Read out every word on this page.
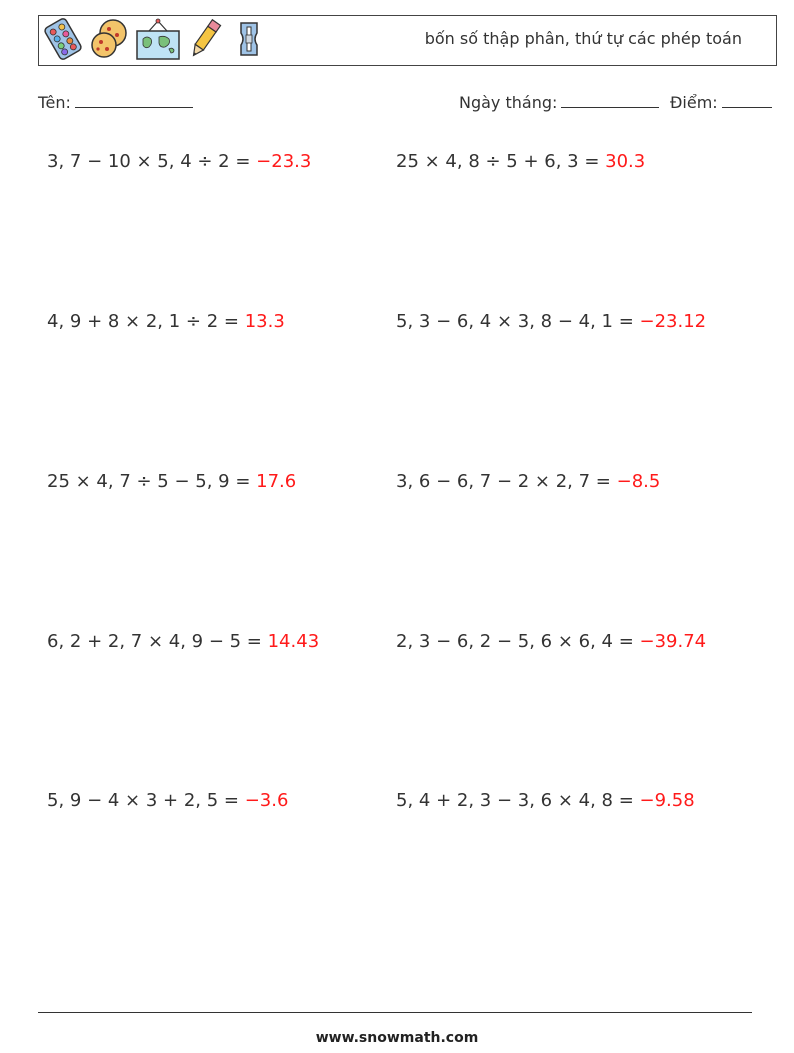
bốn số thập phân, thứ tự các phép toán
Tên:	Ngày tháng:	Điểm:
3, 7 − 10 × 5, 4 ÷ 2 = −23.3	25 × 4, 8 ÷ 5 + 6, 3 = 30.3
4, 9 + 8 × 2, 1 ÷ 2 = 13.3	5, 3 − 6, 4 × 3, 8 − 4, 1 = −23.12
25 × 4, 7 ÷ 5 − 5, 9 = 17.6	3, 6 − 6, 7 − 2 × 2, 7 = −8.5
6, 2 + 2, 7 × 4, 9 − 5 = 14.43	2, 3 − 6, 2 − 5, 6 × 6, 4 = −39.74
5, 9 − 4 × 3 + 2, 5 = −3.6	5, 4 + 2, 3 − 3, 6 × 4, 8 = −9.58
www.snowmath.com
